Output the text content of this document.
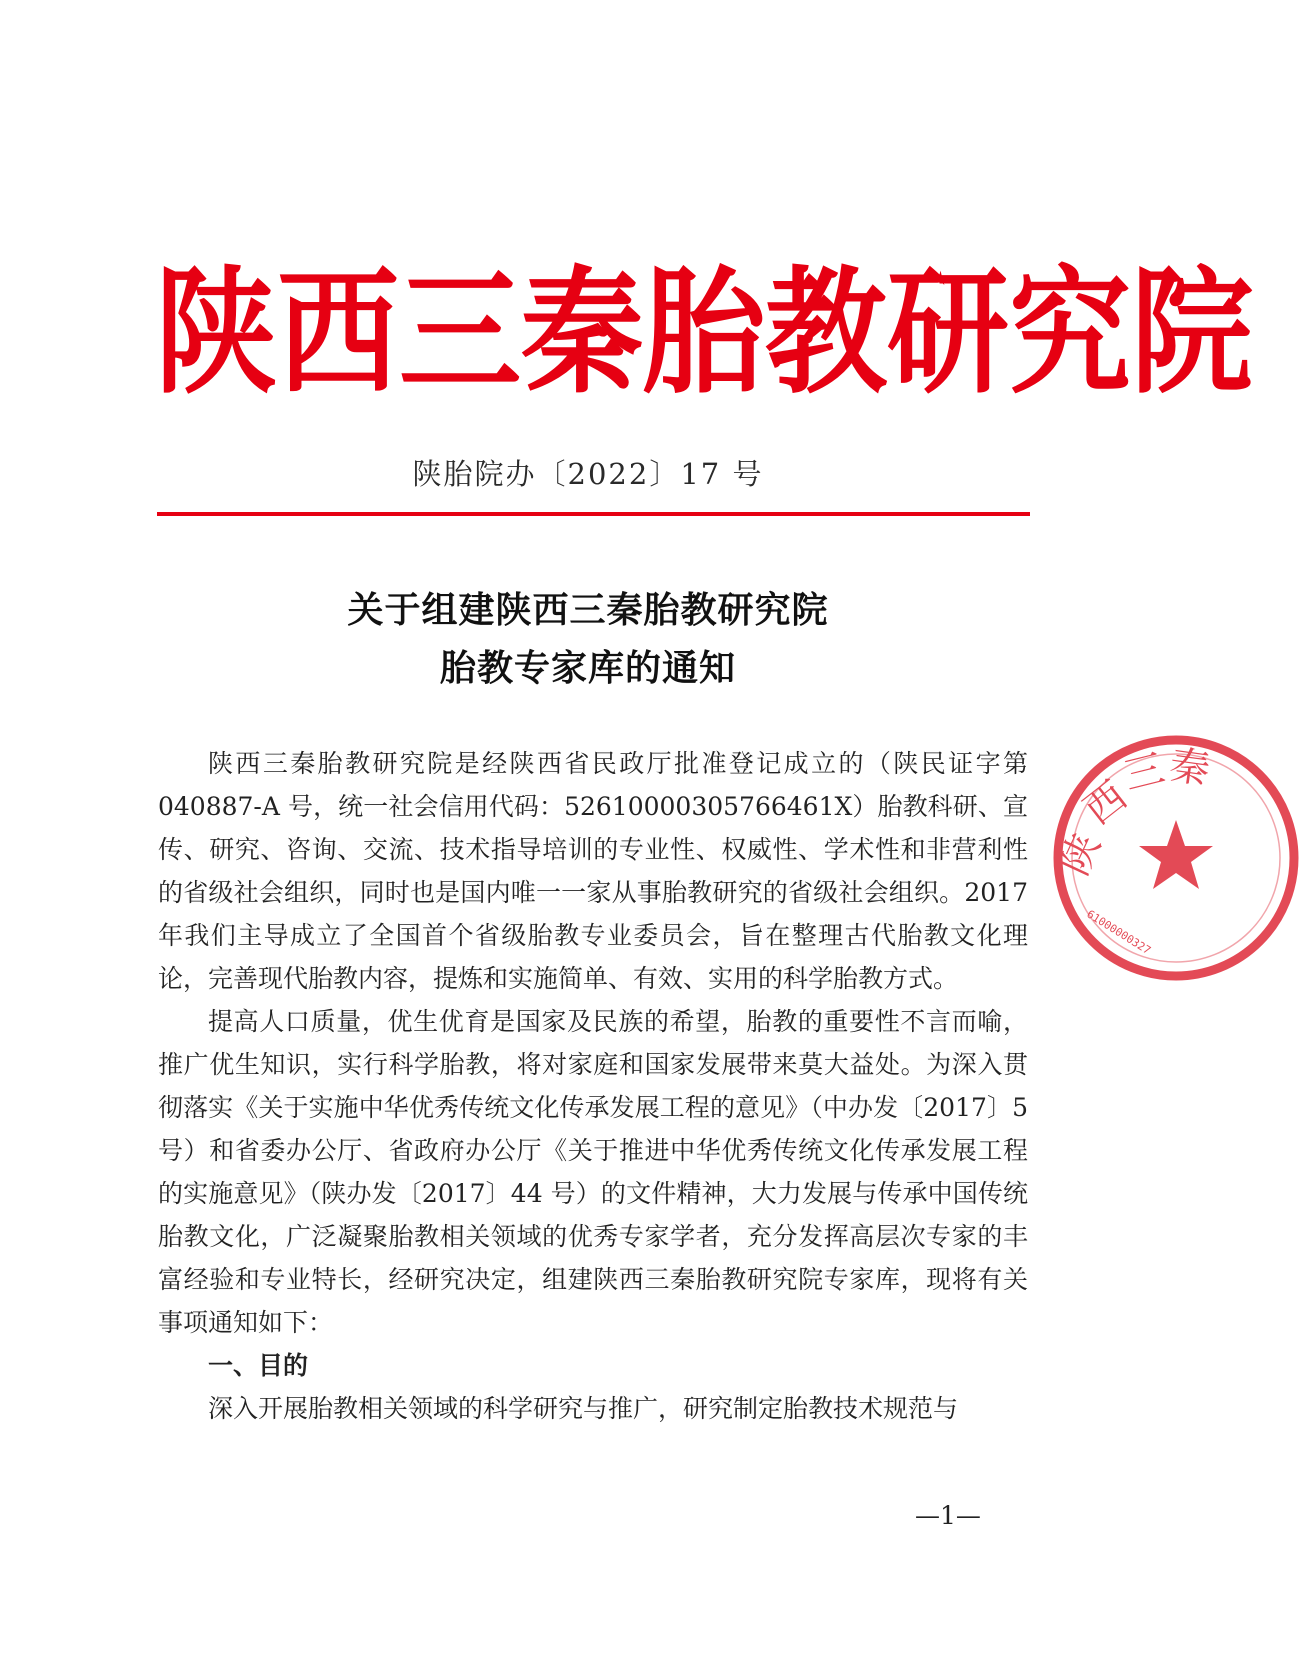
陕 西 三 秦 胎 教 研 究 院
陕胎院办〔2022〕17 号
关于组建陕西三秦胎教研究院
胎教专家库的通知

陕西三秦胎教研究院是经陕西省民政厅批准登记成立的（陕民证字第 040887-A 号，统一社会信用代码：52610000305766461X）胎教科研、宣传、研究、咨询、交流、技术指导培训的专业性、权威性、学术性和非营利性的省级社会组织，同时也是国内唯一一家从事胎教研究的省级社会组织。2017 年我们主导成立了全国首个省级胎教专业委员会，旨在整理古代胎教文化理论，完善现代胎教内容，提炼和实施简单、有效、实用的科学胎教方式。

提高人口质量，优生优育是国家及民族的希望，胎教的重要性不言而喻，推广优生知识，实行科学胎教，将对家庭和国家发展带来莫大益处。为深入贯彻落实《关于实施中华优秀传统文化传承发展工程的意见》（中办发〔2017〕5 号）和省委办公厅、省政府办公厅《关于推进中华优秀传统文化传承发展工程的实施意见》（陕办发〔2017〕44 号）的文件精神，大力发展与传承中国传统胎教文化，广泛凝聚胎教相关领域的优秀专家学者，充分发挥高层次专家的丰富经验和专业特长，经研究决定，组建陕西三秦胎教研究院专家库，现将有关事项通知如下：

一、目的

深入开展胎教相关领域的科学研究与推广，研究制定胎教技术规范与

—1—
陕
西
三
秦
61000000327
